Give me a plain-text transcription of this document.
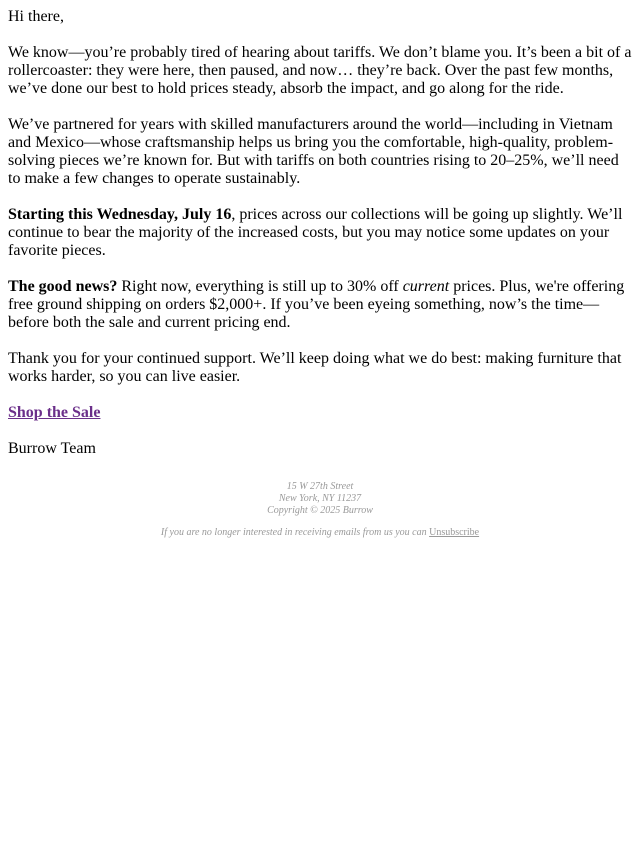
Hi there,

We know—you’re probably tired of hearing about tariffs. We don’t blame you. It’s been a bit of a rollercoaster: they were here, then paused, and now… they’re back. Over the past few months, we’ve done our best to hold prices steady, absorb the impact, and go along for the ride.

We’ve partnered for years with skilled manufacturers around the world—including in Vietnam and Mexico—whose craftsmanship helps us bring you the comfortable, high-quality, problem-solving pieces we’re known for. But with tariffs on both countries rising to 20–25%, we’ll need to make a few changes to operate sustainably.

Starting this Wednesday, July 16, prices across our collections will be going up slightly. We’ll continue to bear the majority of the increased costs, but you may notice some updates on your favorite pieces.

The good news? Right now, everything is still up to 30% off current prices. Plus, we're offering free ground shipping on orders $2,000+. If you’ve been eyeing something, now’s the time—before both the sale and current pricing end.

Thank you for your continued support. We’ll keep doing what we do best: making furniture that works harder, so you can live easier.

Shop the Sale

Burrow Team

15 W 27th Street
New York, NY 11237
Copyright © 2025 Burrow
If you are no longer interested in receiving emails from us you can Unsubscribe
